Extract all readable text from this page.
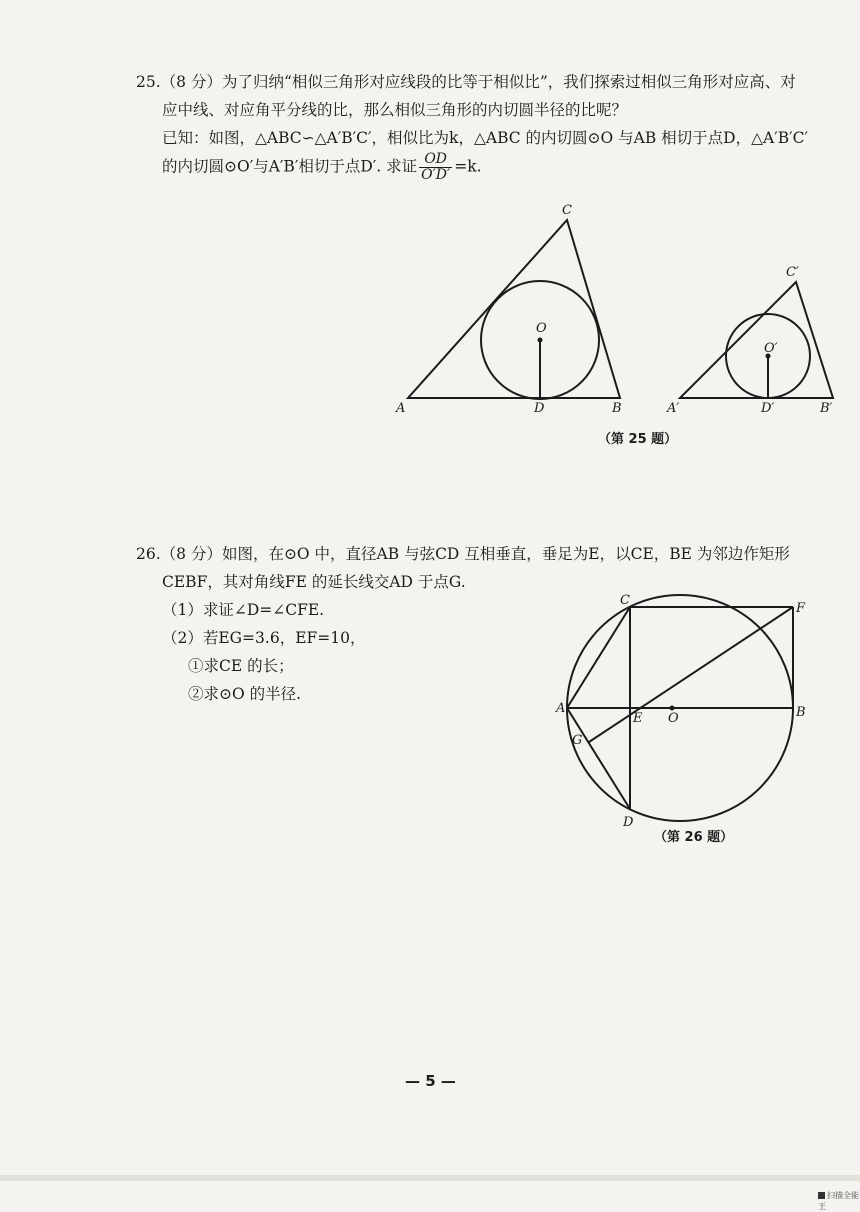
25.（8 分）为了归纳“相似三角形对应线段的比等于相似比”，我们探索过相似三角形对应高、对
应中线、对应角平分线的比，那么相似三角形的内切圆半径的比呢？
已知：如图，△ABC∽△A′B′C′，相似比为k，△ABC 的内切圆⊙O 与AB 相切于点D，△A′B′C′
的内切圆⊙O′与A′B′相切于点D′. 求证 $\frac{OD}{O'D'} =k$.
A	B
C
D
O
A′	B′
C′
D′
O′
（第 25 题）
26.（8 分）如图，在⊙O 中，直径AB 与弦CD 互相垂直，垂足为E，以CE，BE 为邻边作矩形
CEBF，其对角线FE 的延长线交AD 于点G.
（1）求证∠D=∠CFE.
（2）若EG=3.6，EF=10，
①求CE 的长；
②求⊙O 的半径.
A	B
C
D
E
F
G
O
（第 26 题）
— 5 —
扫描全能王
